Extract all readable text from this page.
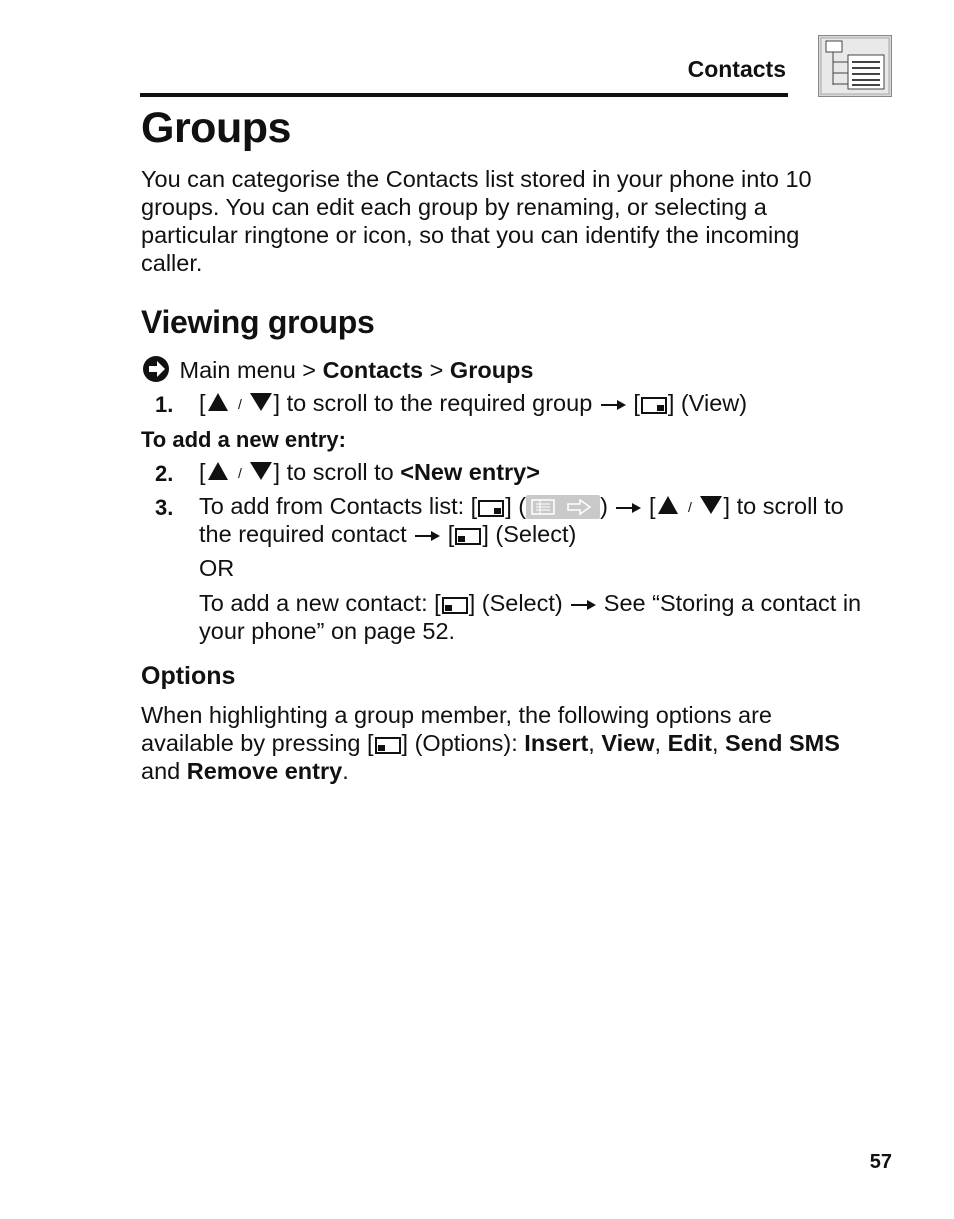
Contacts
Groups

You can categorise the Contacts list stored in your phone into 10 groups. You can edit each group by renaming, or selecting a particular ringtone or icon, so that you can identify the incoming caller.

Viewing groups
Main menu > Contacts > Groups
1. [ / ] to scroll to the required group  [ ] (View)
To add a new entry:
2. [ / ] to scroll to <New entry>
3. To add from Contacts list: [ ] (	)  [ / ] to scroll to
the required contact  [ ] (Select)
OR
To add a new contact: [ ] (Select) See “Storing a contact in
your phone” on page 52.
Options
When highlighting a group member, the following options are
available by pressing [ ] (Options): Insert, View, Edit, Send SMS
and Remove entry.
57
